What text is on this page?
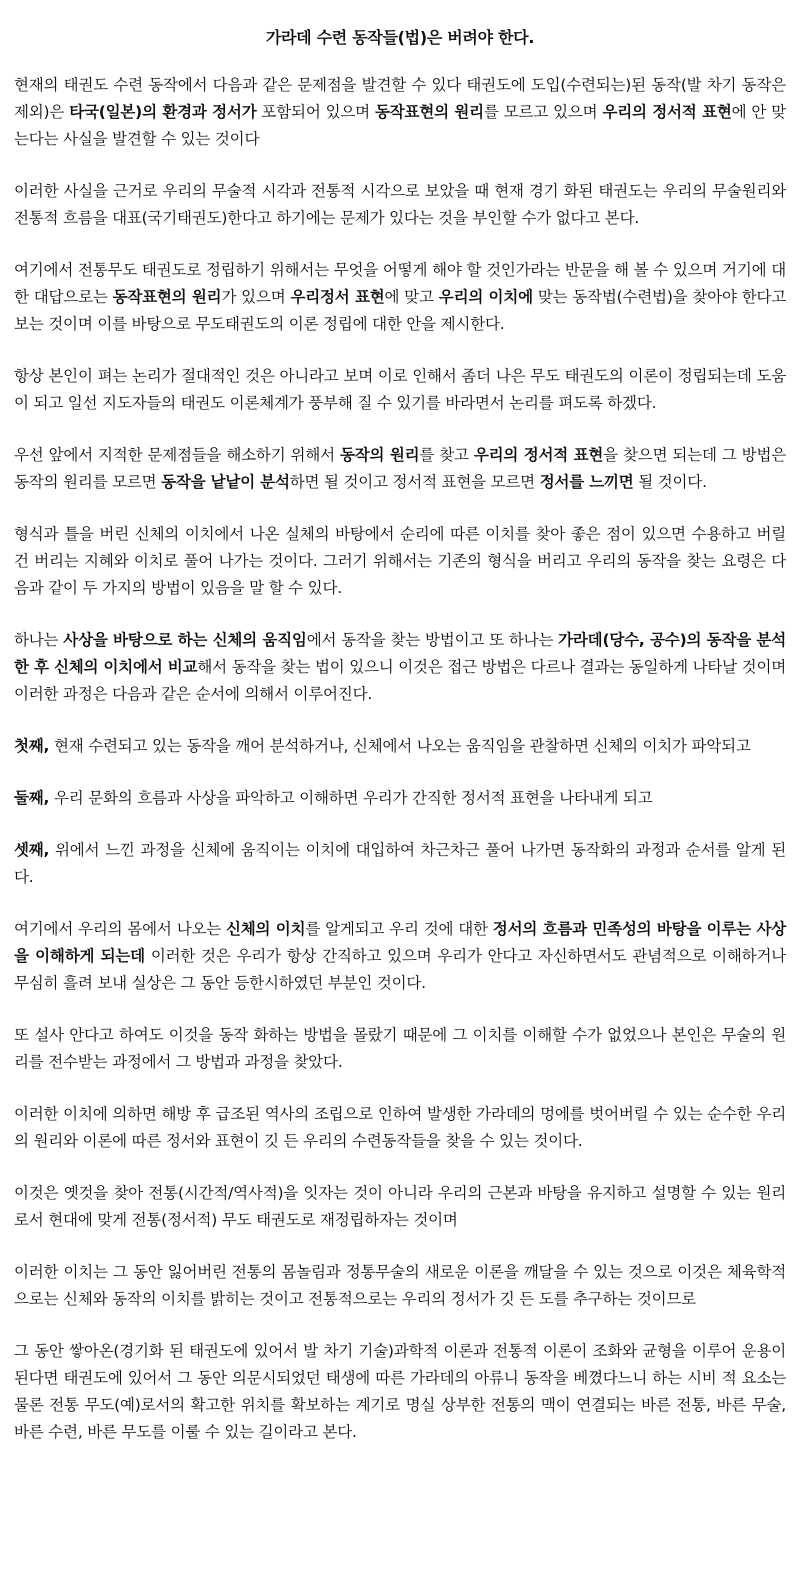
가라데 수련 동작들(법)은 버려야 한다.

현재의 태권도 수련 동작에서 다음과 같은 문제점을 발견할 수 있다 태권도에 도입(수련되는)된 동작(발 차기 동작은 제외)은 타국(일본)의 환경과 정서가 포함되어 있으며 동작표현의 원리를 모르고 있으며 우리의 정서적 표현에 안 맞는다는 사실을 발견할 수 있는 것이다

이러한 사실을 근거로 우리의 무술적 시각과 전통적 시각으로 보았을 때 현재 경기 화된 태권도는 우리의 무술원리와 전통적 흐름을 대표(국기태권도)한다고 하기에는 문제가 있다는 것을 부인할 수가 없다고 본다.

여기에서 전통무도 태권도로 정립하기 위해서는 무엇을 어떻게 해야 할 것인가라는 반문을 해 볼 수 있으며 거기에 대한 대답으로는 동작표현의 원리가 있으며 우리정서 표현에 맞고 우리의 이치에 맞는 동작법(수련법)을 찾아야 한다고 보는 것이며 이를 바탕으로 무도태권도의 이론 정립에 대한 안을 제시한다.

항상 본인이 펴는 논리가 절대적인 것은 아니라고 보며 이로 인해서 좀더 나은 무도 태권도의 이론이 정립되는데 도움이 되고 일선 지도자들의 태권도 이론체계가 풍부해 질 수 있기를 바라면서 논리를 펴도록 하겠다.

우선 앞에서 지적한 문제점들을 해소하기 위해서 동작의 원리를 찾고 우리의 정서적 표현을 찾으면 되는데 그 방법은 동작의 원리를 모르면 동작을 낱낱이 분석하면 될 것이고 정서적 표현을 모르면 정서를 느끼면 될 것이다.

형식과 틀을 버린 신체의 이치에서 나온 실체의 바탕에서 순리에 따른 이치를 찾아 좋은 점이 있으면 수용하고 버릴 건 버리는 지혜와 이치로 풀어 나가는 것이다. 그러기 위해서는 기존의 형식을 버리고 우리의 동작을 찾는 요령은 다음과 같이 두 가지의 방법이 있음을 말 할 수 있다.

하나는 사상을 바탕으로 하는 신체의 움직임에서 동작을 찾는 방법이고 또 하나는 가라데(당수, 공수)의 동작을 분석한 후 신체의 이치에서 비교해서 동작을 찾는 법이 있으니 이것은 접근 방법은 다르나 결과는 동일하게 나타날 것이며 이러한 과정은 다음과 같은 순서에 의해서 이루어진다.

첫째, 현재 수련되고 있는 동작을 깨어 분석하거나, 신체에서 나오는 움직임을 관찰하면 신체의 이치가 파악되고

둘째, 우리 문화의 흐름과 사상을 파악하고 이해하면 우리가 간직한 정서적 표현을 나타내게 되고

셋째, 위에서 느낀 과정을 신체에 움직이는 이치에 대입하여 차근차근 풀어 나가면 동작화의 과정과 순서를 알게 된다.

여기에서 우리의 몸에서 나오는 신체의 이치를 알게되고 우리 것에 대한 정서의 흐름과 민족성의 바탕을 이루는 사상을 이해하게 되는데 이러한 것은 우리가 항상 간직하고 있으며 우리가 안다고 자신하면서도 관념적으로 이해하거나 무심히 흘려 보내 실상은 그 동안 등한시하였던 부분인 것이다.

또 설사 안다고 하여도 이것을 동작 화하는 방법을 몰랐기 때문에 그 이치를 이해할 수가 없었으나 본인은 무술의 원리를 전수받는 과정에서 그 방법과 과정을 찾았다.

이러한 이치에 의하면 해방 후 급조된 역사의 조립으로 인하여 발생한 가라데의 멍에를 벗어버릴 수 있는 순수한 우리의 원리와 이론에 따른 정서와 표현이 깃 든 우리의 수련동작들을 찾을 수 있는 것이다.

이것은 옛것을 찾아 전통(시간적/역사적)을 잇자는 것이 아니라 우리의 근본과 바탕을 유지하고 설명할 수 있는 원리로서 현대에 맞게 전통(정서적) 무도 태권도로 재정립하자는 것이며

이러한 이치는 그 동안 잃어버린 전통의 몸놀림과 정통무술의 새로운 이론을 깨달을 수 있는 것으로 이것은 체육학적으로는 신체와 동작의 이치를 밝히는 것이고 전통적으로는 우리의 정서가 깃 든 도를 추구하는 것이므로

그 동안 쌓아온(경기화 된 태권도에 있어서 발 차기 기술)과학적 이론과 전통적 이론이 조화와 균형을 이루어 운용이 된다면 태권도에 있어서 그 동안 의문시되었던 태생에 따른 가라데의 아류니 동작을 베꼈다느니 하는 시비 적 요소는 물론 전통 무도(예)로서의 확고한 위치를 확보하는 계기로 명실 상부한 전통의 맥이 연결되는 바른 전통, 바른 무술, 바른 수련, 바른 무도를 이룰 수 있는 길이라고 본다.
